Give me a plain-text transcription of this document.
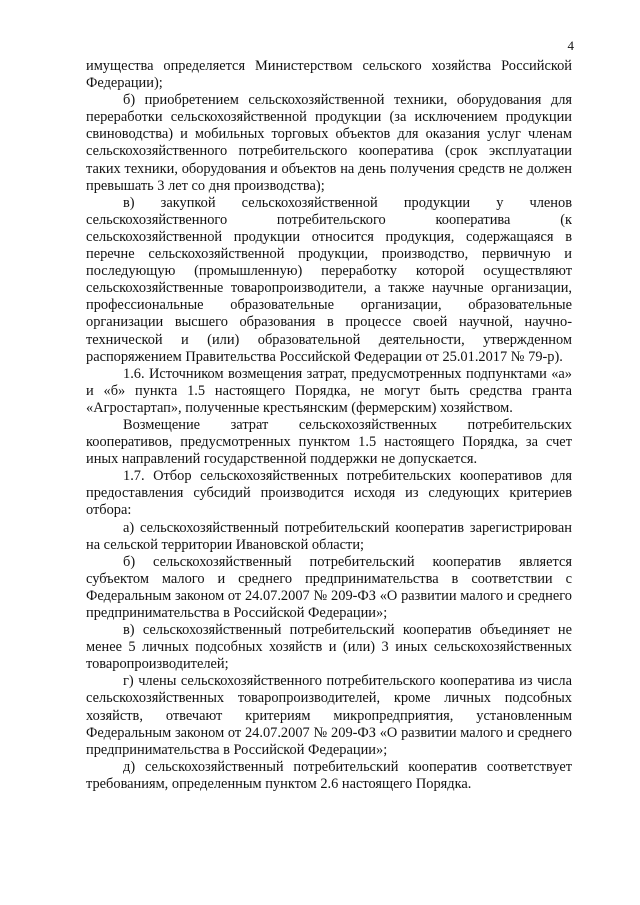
4

имущества определяется Министерством сельского хозяйства Российской Федерации);

б) приобретением сельскохозяйственной техники, оборудования для переработки сельскохозяйственной продукции (за исключением продукции свиноводства) и мобильных торговых объектов для оказания услуг членам сельскохозяйственного потребительского кооператива (срок эксплуатации таких техники, оборудования и объектов на день получения средств не должен превышать 3 лет со дня производства);

в) закупкой сельскохозяйственной продукции у членов сельскохозяйственного потребительского кооператива (к сельскохозяйственной продукции относится продукция, содержащаяся в перечне сельскохозяйственной продукции, производство, первичную и последующую (промышленную) переработку которой осуществляют сельскохозяйственные товаропроизводители, а также научные организации, профессиональные образовательные организации, образовательные организации высшего образования в процессе своей научной, научно-технической и (или) образовательной деятельности, утвержденном распоряжением Правительства Российской Федерации от 25.01.2017 № 79-р).

1.6. Источником возмещения затрат, предусмотренных подпунктами «а» и «б» пункта 1.5 настоящего Порядка, не могут быть средства гранта «Агростартап», полученные крестьянским (фермерским) хозяйством.

Возмещение затрат сельскохозяйственных потребительских кооперативов, предусмотренных пунктом 1.5 настоящего Порядка, за счет иных направлений государственной поддержки не допускается.

1.7. Отбор сельскохозяйственных потребительских кооперативов для предоставления субсидий производится исходя из следующих критериев отбора:

а) сельскохозяйственный потребительский кооператив зарегистрирован на сельской территории Ивановской области;

б) сельскохозяйственный потребительский кооператив является субъектом малого и среднего предпринимательства в соответствии с Федеральным законом от 24.07.2007 № 209-ФЗ «О развитии малого и среднего предпринимательства в Российской Федерации»;

в) сельскохозяйственный потребительский кооператив объединяет не менее 5 личных подсобных хозяйств и (или) 3 иных сельскохозяйственных товаропроизводителей;

г) члены сельскохозяйственного потребительского кооператива из числа сельскохозяйственных товаропроизводителей, кроме личных подсобных хозяйств, отвечают критериям микропредприятия, установленным Федеральным законом от 24.07.2007 № 209-ФЗ «О развитии малого и среднего предпринимательства в Российской Федерации»;

д) сельскохозяйственный потребительский кооператив соответствует требованиям, определенным пунктом 2.6 настоящего Порядка.
